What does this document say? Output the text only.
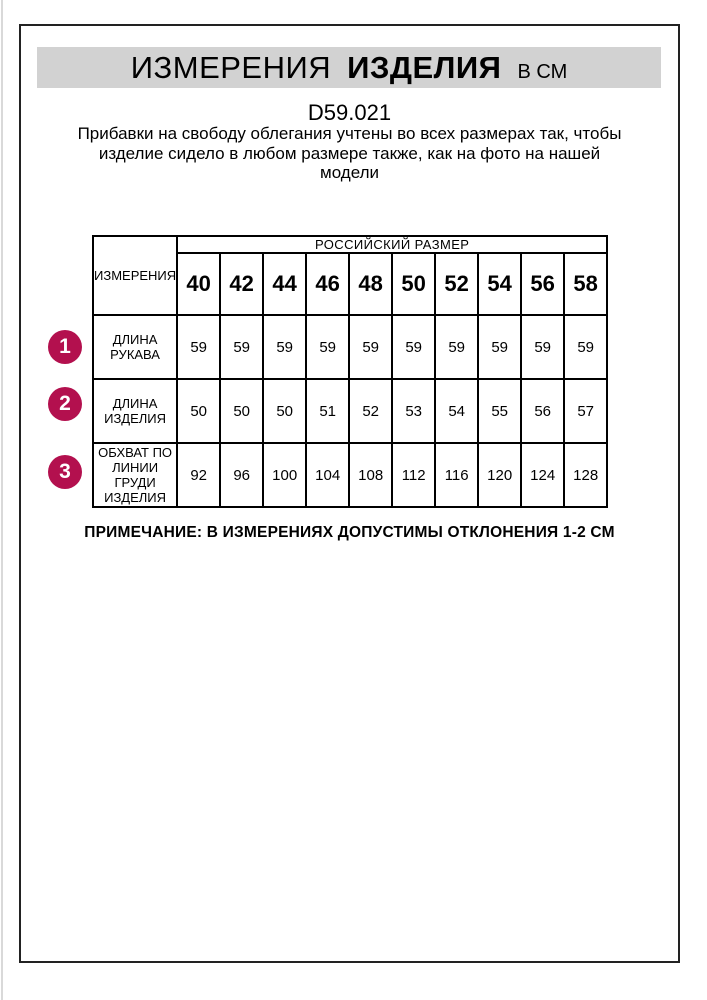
ИЗМЕРЕНИЯ ИЗДЕЛИЯ В СМ
D59.021
Прибавки на свободу облегания учтены во всех размерах так, чтобы
изделие сидело в любом размере также, как на фото на нашей
модели
ИЗМЕРЕНИЯ	РОССИЙСКИЙ РАЗМЕР									
	40	42	44	46	48	50	52	54	56	58
ДЛИНА РУКАВА	59	59	59	59	59	59	59	59	59	59
ДЛИНА ИЗДЕЛИЯ	50	50	50	51	52	53	54	55	56	57
ОБХВАТ ПО ЛИНИИ ГРУДИ ИЗДЕЛИЯ	92	96	100	104	108	112	116	120	124	128
1
2
3
ПРИМЕЧАНИЕ: В ИЗМЕРЕНИЯХ ДОПУСТИМЫ ОТКЛОНЕНИЯ 1-2 СМ
